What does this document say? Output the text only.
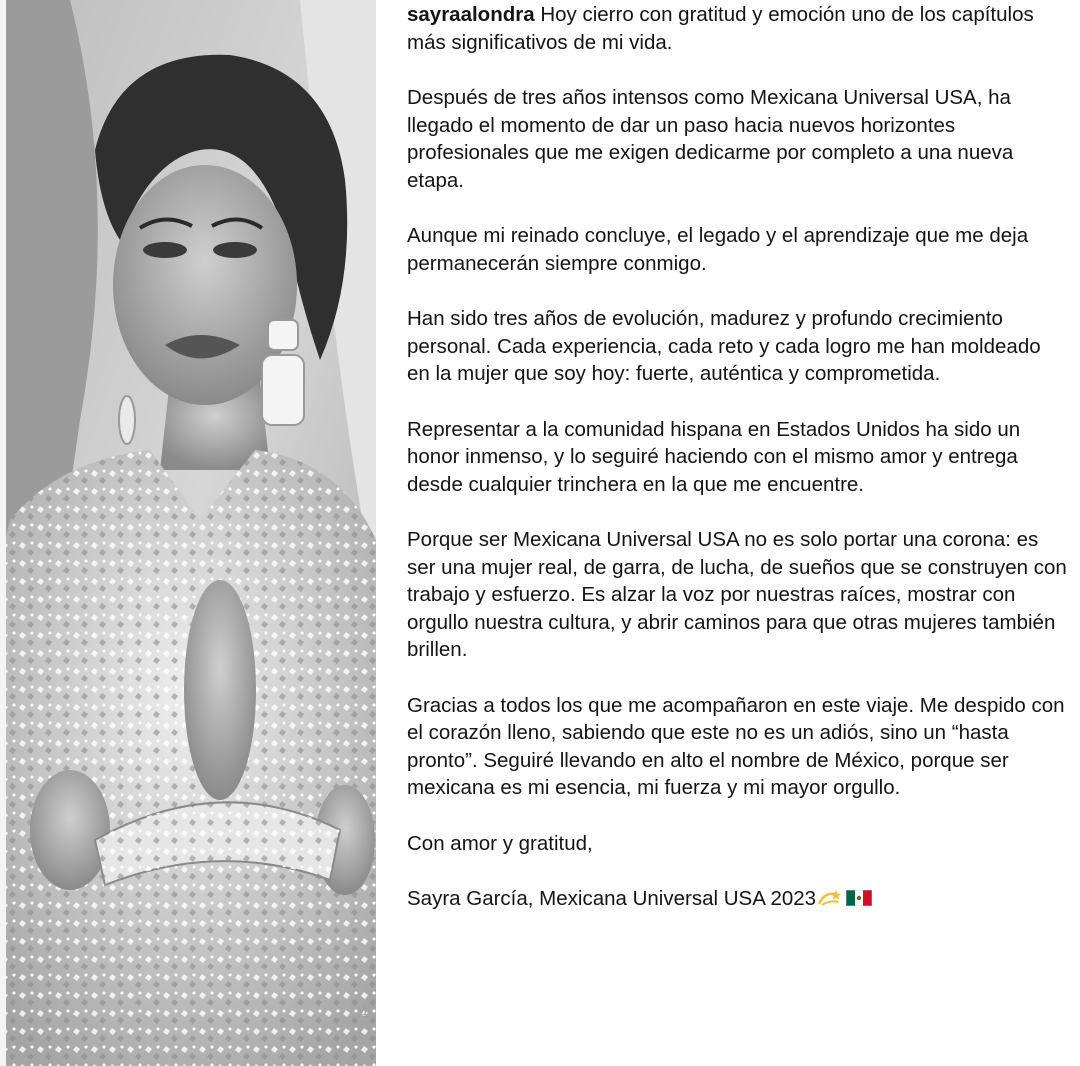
4

sayraalondra Hoy cierro con gratitud y emoción uno de los capítulos más significativos de mi vida.

Después de tres años intensos como Mexicana Universal USA, ha llegado el momento de dar un paso hacia nuevos horizontes profesionales que me exigen dedicarme por completo a una nueva etapa.

Aunque mi reinado concluye, el legado y el aprendizaje que me deja permanecerán siempre conmigo.

Han sido tres años de evolución, madurez y profundo crecimiento personal. Cada experiencia, cada reto y cada logro me han moldeado en la mujer que soy hoy: fuerte, auténtica y comprometida.

Representar a la comunidad hispana en Estados Unidos ha sido un honor inmenso, y lo seguiré haciendo con el mismo amor y entrega desde cualquier trinchera en la que me encuentre.

Porque ser Mexicana Universal USA no es solo portar una corona: es ser una mujer real, de garra, de lucha, de sueños que se construyen con trabajo y esfuerzo. Es alzar la voz por nuestras raíces, mostrar con orgullo nuestra cultura, y abrir caminos para que otras mujeres también brillen.

Gracias a todos los que me acompañaron en este viaje. Me despido con el corazón lleno, sabiendo que este no es un adiós, sino un “hasta pronto”. Seguiré llevando en alto el nombre de México, porque ser mexicana es mi esencia, mi fuerza y mi mayor orgullo.

Con amor y gratitud,

Sayra García, Mexicana Universal USA 2023
